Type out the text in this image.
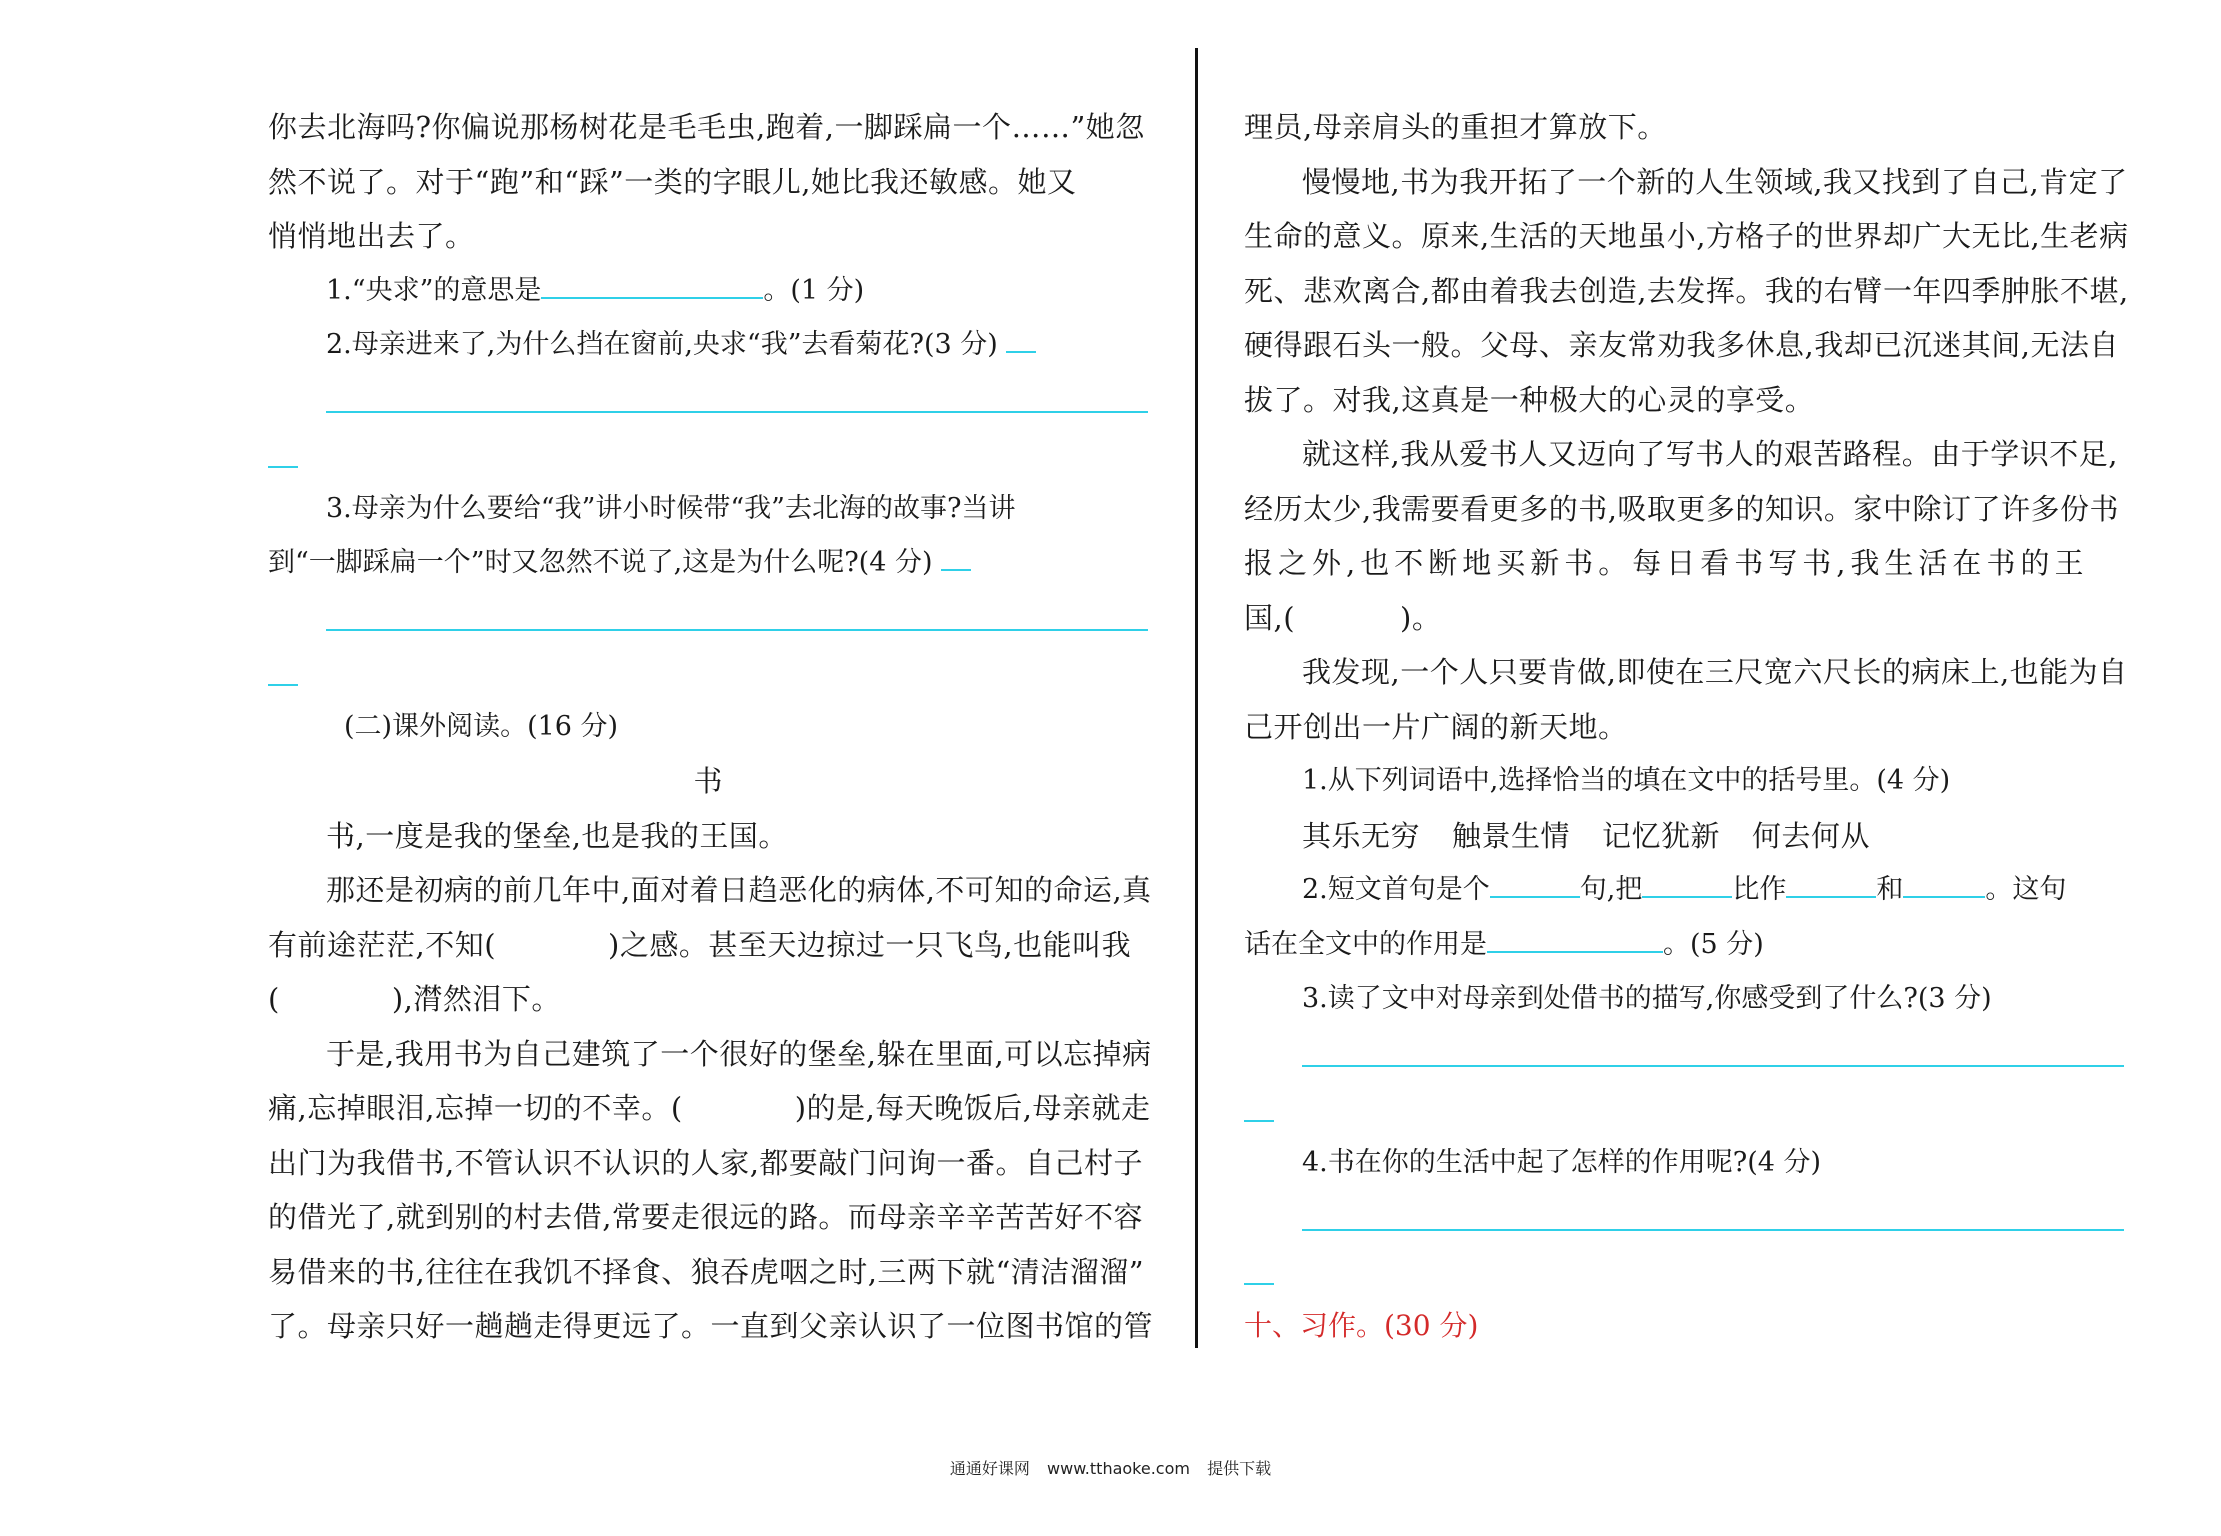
你去北海吗?你偏说那杨树花是毛毛虫,跑着,一脚踩扁一个……”她忽

然不说了。对于“跑”和“踩”一类的字眼儿,她比我还敏感。她又

悄悄地出去了。

1.“央求”的意思是	。(1 分)

2.母亲进来了,为什么挡在窗前,央求“我”去看菊花?(3 分)

3.母亲为什么要给“我”讲小时候带“我”去北海的故事?当讲

到“一脚踩扁一个”时又忽然不说了,这是为什么呢?(4 分)

(二)课外阅读。(16 分)

书

书,一度是我的堡垒,也是我的王国。

那还是初病的前几年中,面对着日趋恶化的病体,不可知的命运,真

有前途茫茫,不知(	)之感。甚至天边掠过一只飞鸟,也能叫我

(	),潸然泪下。

于是,我用书为自己建筑了一个很好的堡垒,躲在里面,可以忘掉病

痛,忘掉眼泪,忘掉一切的不幸。(	)的是,每天晚饭后,母亲就走

出门为我借书,不管认识不认识的人家,都要敲门问询一番。自己村子

的借光了,就到别的村去借,常要走很远的路。而母亲辛辛苦苦好不容

易借来的书,往往在我饥不择食、狼吞虎咽之时,三两下就“清洁溜溜”

了。母亲只好一趟趟走得更远了。一直到父亲认识了一位图书馆的管

理员,母亲肩头的重担才算放下。

慢慢地,书为我开拓了一个新的人生领域,我又找到了自己,肯定了

生命的意义。原来,生活的天地虽小,方格子的世界却广大无比,生老病

死、悲欢离合,都由着我去创造,去发挥。我的右臂一年四季肿胀不堪,

硬得跟石头一般。父母、亲友常劝我多休息,我却已沉迷其间,无法自

拔了。对我,这真是一种极大的心灵的享受。

就这样,我从爱书人又迈向了写书人的艰苦路程。由于学识不足,

经历太少,我需要看更多的书,吸取更多的知识。家中除订了许多份书

报之外,也不断地买新书。每日看书写书,我生活在书的王

国,(	)。

我发现,一个人只要肯做,即使在三尺宽六尺长的病床上,也能为自

己开创出一片广阔的新天地。

1.从下列词语中,选择恰当的填在文中的括号里。(4 分)

其乐无穷 触景生情 记忆犹新 何去何从

2.短文首句是个	句,把	比作	和	。这句

话在全文中的作用是	。(5 分)

3.读了文中对母亲到处借书的描写,你感受到了什么?(3 分)

4.书在你的生活中起了怎样的作用呢?(4 分)

十、习作。(30 分)

通通好课网 www.tthaoke.com 提供下载
